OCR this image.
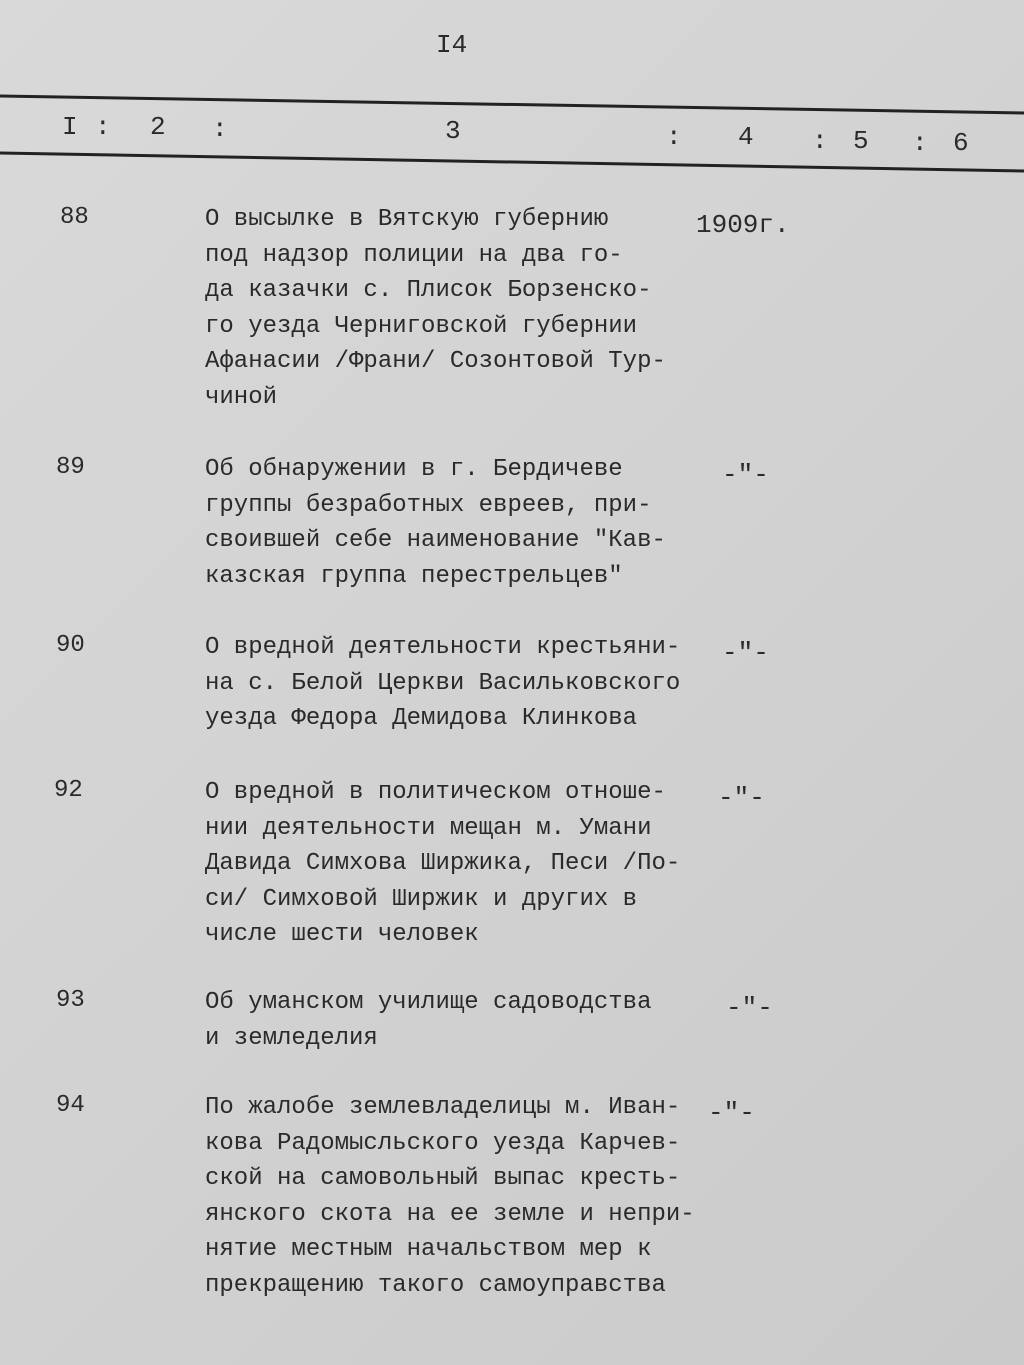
I4
I : 2 :	3	: 4 : 5 : 6
88	О высылке в Вятскую губернию
под надзор полиции на два го-
да казачки с. Плисок Борзенско-
го уезда Черниговской губернии
Афанасии /Франи/ Созонтовой Тур-
чиной
1909г.
89	Об обнаружении в г. Бердичеве
группы безработных евреев, при-
своившей себе наименование "Кав-
казская группа перестрельцев"
-"-
90	О вредной деятельности крестьяни-
на с. Белой Церкви Васильковского
уезда Федора Демидова Клинкова
-"-
92	О вредной в политическом отноше-
нии деятельности мещан м. Умани
Давида Симхова Ширжика, Песи /По-
си/ Симховой Ширжик и других в
числе шести человек
-"-
93	Об уманском училище садоводства
и земледелия
-"-
94	По жалобе землевладелицы м. Иван-
кова Радомысльского уезда Карчев-
ской на самовольный выпас кресть-
янского скота на ее земле и непри-
нятие местным начальством мер к
прекращению такого самоуправства
-"-
